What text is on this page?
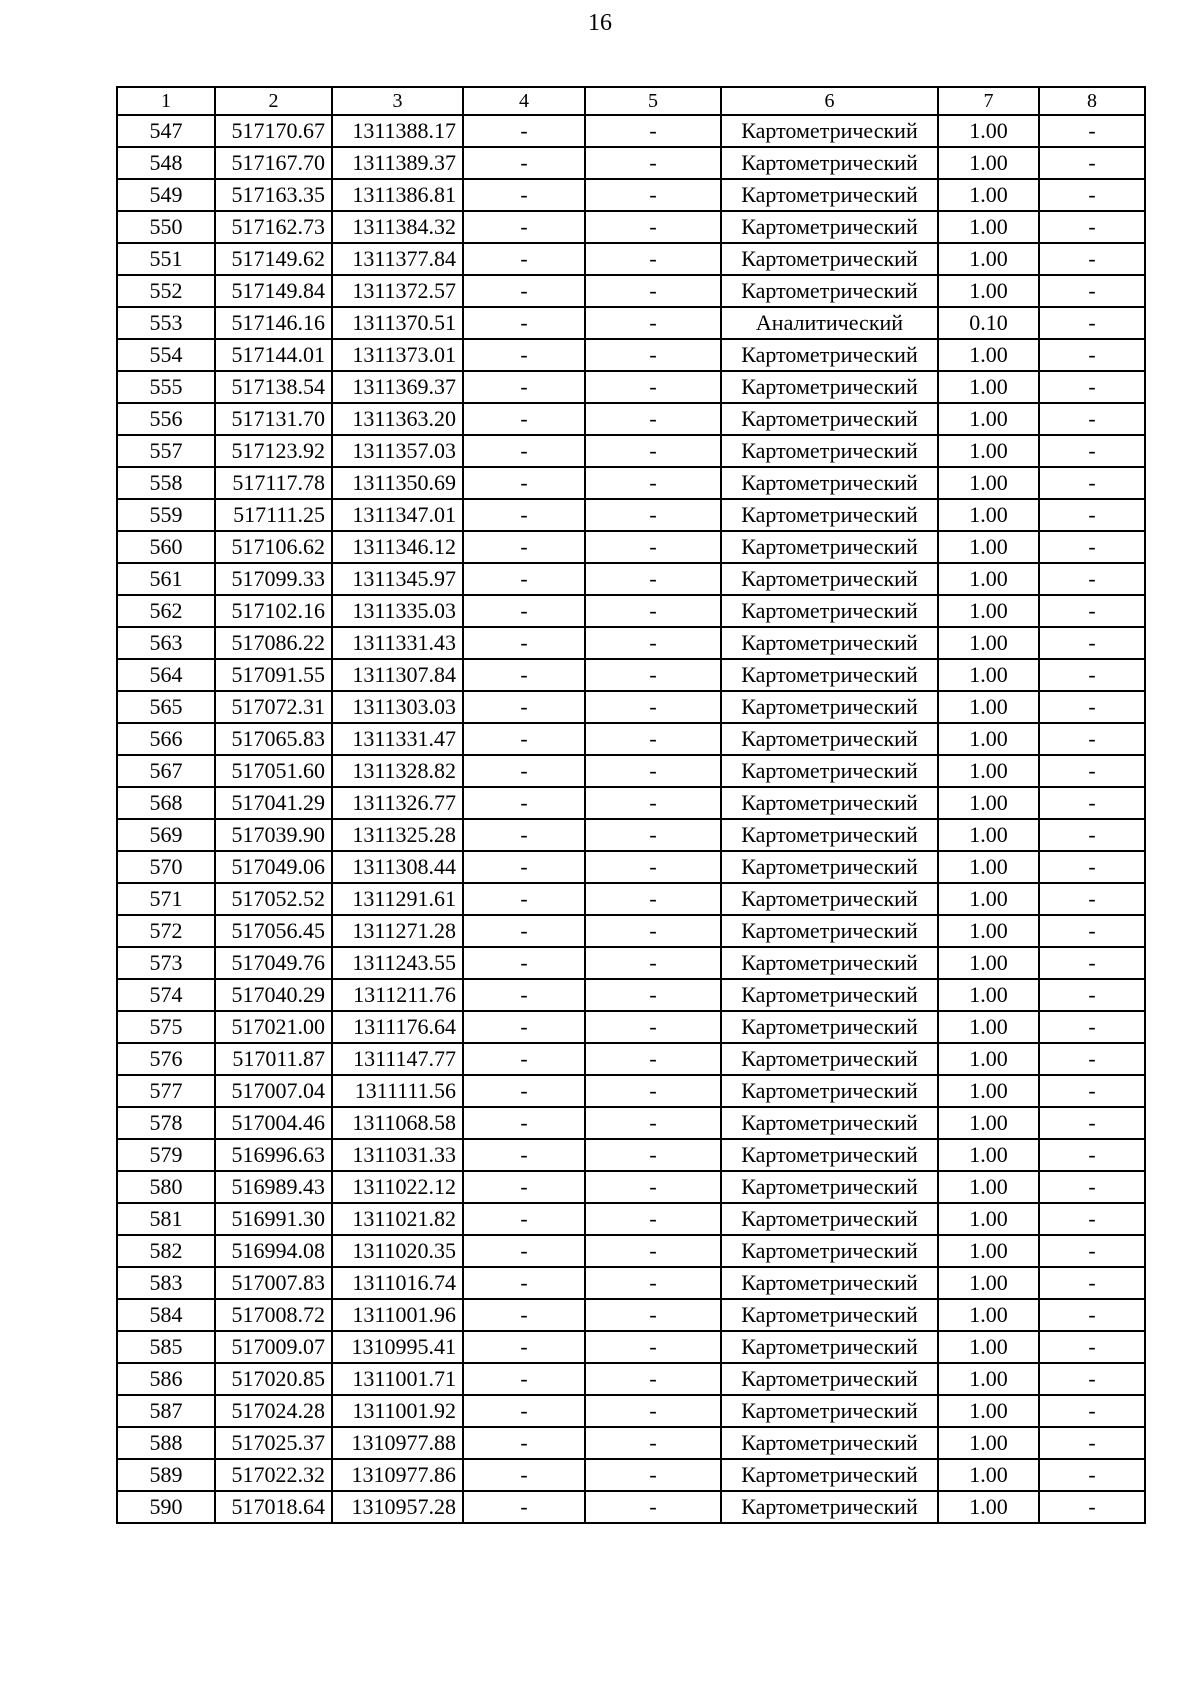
16
1	2	3	4	5	6	7	8
547	517170.67	1311388.17	-	-	Картометрический	1.00	-
548	517167.70	1311389.37	-	-	Картометрический	1.00	-
549	517163.35	1311386.81	-	-	Картометрический	1.00	-
550	517162.73	1311384.32	-	-	Картометрический	1.00	-
551	517149.62	1311377.84	-	-	Картометрический	1.00	-
552	517149.84	1311372.57	-	-	Картометрический	1.00	-
553	517146.16	1311370.51	-	-	Аналитический	0.10	-
554	517144.01	1311373.01	-	-	Картометрический	1.00	-
555	517138.54	1311369.37	-	-	Картометрический	1.00	-
556	517131.70	1311363.20	-	-	Картометрический	1.00	-
557	517123.92	1311357.03	-	-	Картометрический	1.00	-
558	517117.78	1311350.69	-	-	Картометрический	1.00	-
559	517111.25	1311347.01	-	-	Картометрический	1.00	-
560	517106.62	1311346.12	-	-	Картометрический	1.00	-
561	517099.33	1311345.97	-	-	Картометрический	1.00	-
562	517102.16	1311335.03	-	-	Картометрический	1.00	-
563	517086.22	1311331.43	-	-	Картометрический	1.00	-
564	517091.55	1311307.84	-	-	Картометрический	1.00	-
565	517072.31	1311303.03	-	-	Картометрический	1.00	-
566	517065.83	1311331.47	-	-	Картометрический	1.00	-
567	517051.60	1311328.82	-	-	Картометрический	1.00	-
568	517041.29	1311326.77	-	-	Картометрический	1.00	-
569	517039.90	1311325.28	-	-	Картометрический	1.00	-
570	517049.06	1311308.44	-	-	Картометрический	1.00	-
571	517052.52	1311291.61	-	-	Картометрический	1.00	-
572	517056.45	1311271.28	-	-	Картометрический	1.00	-
573	517049.76	1311243.55	-	-	Картометрический	1.00	-
574	517040.29	1311211.76	-	-	Картометрический	1.00	-
575	517021.00	1311176.64	-	-	Картометрический	1.00	-
576	517011.87	1311147.77	-	-	Картометрический	1.00	-
577	517007.04	1311111.56	-	-	Картометрический	1.00	-
578	517004.46	1311068.58	-	-	Картометрический	1.00	-
579	516996.63	1311031.33	-	-	Картометрический	1.00	-
580	516989.43	1311022.12	-	-	Картометрический	1.00	-
581	516991.30	1311021.82	-	-	Картометрический	1.00	-
582	516994.08	1311020.35	-	-	Картометрический	1.00	-
583	517007.83	1311016.74	-	-	Картометрический	1.00	-
584	517008.72	1311001.96	-	-	Картометрический	1.00	-
585	517009.07	1310995.41	-	-	Картометрический	1.00	-
586	517020.85	1311001.71	-	-	Картометрический	1.00	-
587	517024.28	1311001.92	-	-	Картометрический	1.00	-
588	517025.37	1310977.88	-	-	Картометрический	1.00	-
589	517022.32	1310977.86	-	-	Картометрический	1.00	-
590	517018.64	1310957.28	-	-	Картометрический	1.00	-
